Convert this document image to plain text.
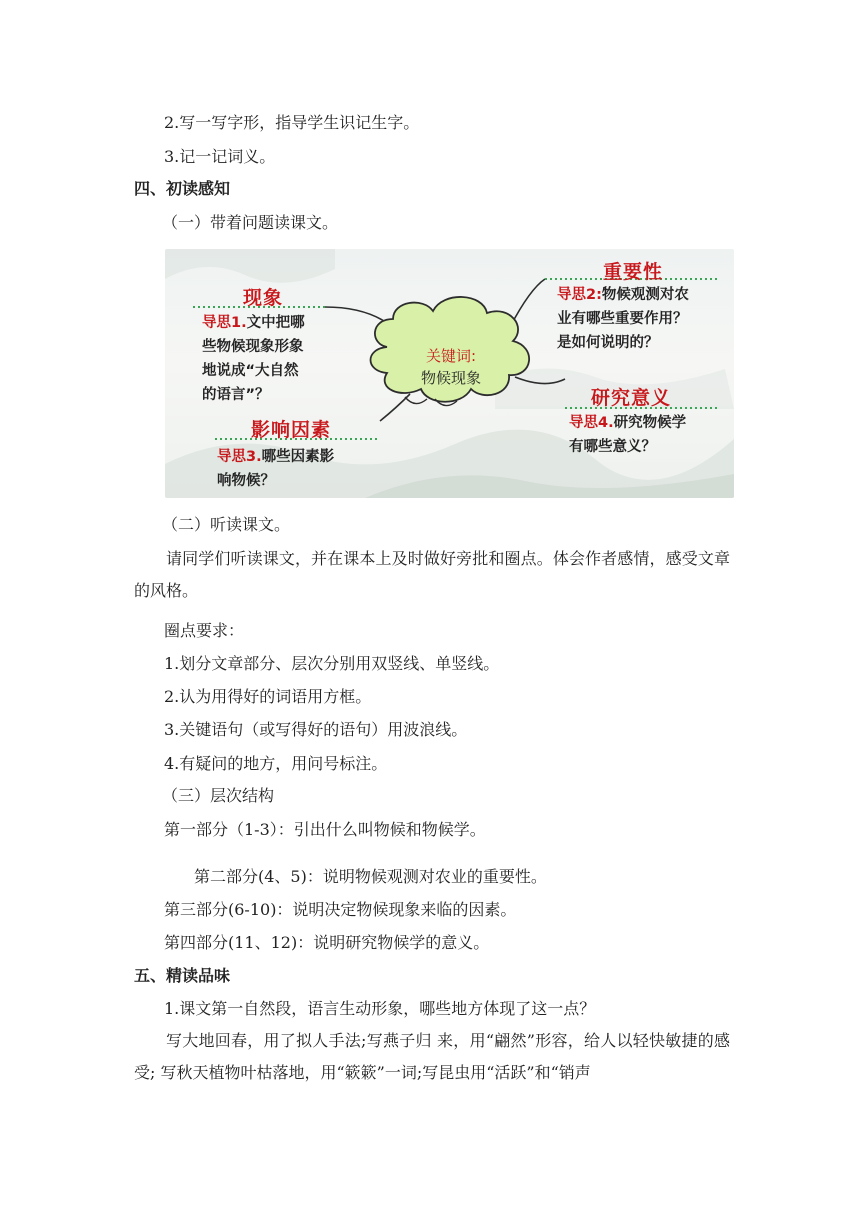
2.写一写字形，指导学生识记生字。
3.记一记词义。
四、初读感知
（一）带着问题读课文。
关键词:
物候现象
现象
导思1.文中把哪
些物候现象形象
地说成“大自然
的语言”？
重要性
导思2:物候观测对农
业有哪些重要作用？
是如何说明的？
影响因素
导思3.哪些因素影
响物候？
研究意义
导思4.研究物候学
有哪些意义？
（二）听读课文。
请同学们听读课文，并在课本上及时做好旁批和圈点。体会作者感情，感受文章的风格。
圈点要求：
1.划分文章部分、层次分别用双竖线、单竖线。
2.认为用得好的词语用方框。
3.关键语句（或写得好的语句）用波浪线。
4.有疑问的地方，用问号标注。
（三）层次结构
第一部分（1-3）：引出什么叫物候和物候学。
第二部分(4、5)：说明物候观测对农业的重要性。
第三部分(6-10)：说明决定物候现象来临的因素。
第四部分(11、12)：说明研究物候学的意义。
五、精读品味
1.课文第一自然段，语言生动形象，哪些地方体现了这一点？
写大地回春，用了拟人手法;写燕子归 来，用“翩然”形容，给人以轻快敏捷的感受; 写秋天植物叶枯落地，用“簌簌”一词;写昆虫用“活跃”和“销声
